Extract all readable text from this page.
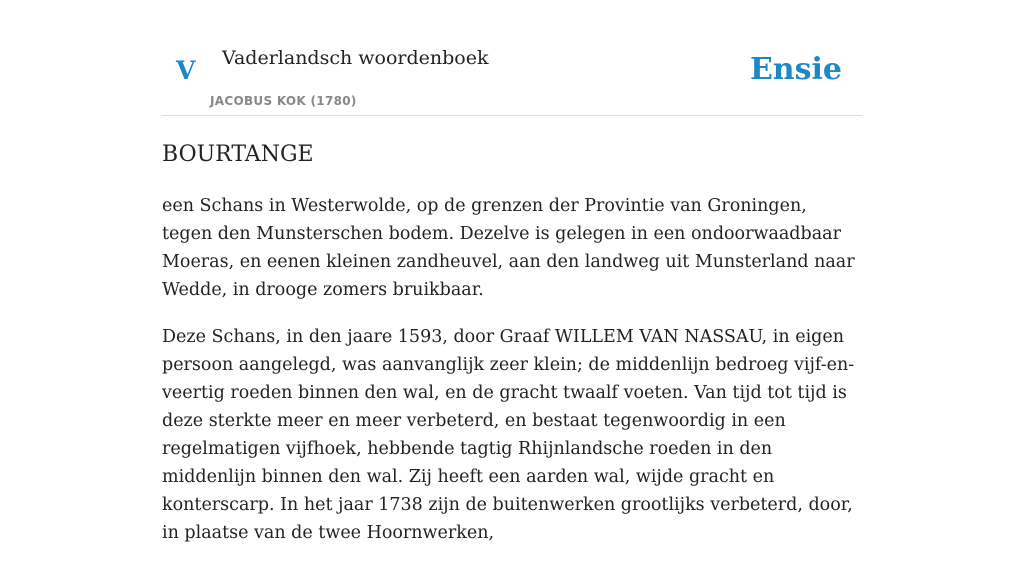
V Vaderlandsch woordenboek
JACOBUS KOK (1780)
Ensie
BOURTANGE

een Schans in Westerwolde, op de grenzen der Provintie van Groningen, tegen den Munsterschen bodem. Dezelve is gelegen in een ondoorwaadbaar Moeras, en eenen kleinen zandheuvel, aan den landweg uit Munsterland naar Wedde, in drooge zomers bruikbaar.

Deze Schans, in den jaare 1593, door Graaf WILLEM VAN NASSAU, in eigen persoon aangelegd, was aanvanglijk zeer klein; de middenlijn bedroeg vijf-en-veertig roeden binnen den wal, en de gracht twaalf voeten. Van tijd tot tijd is deze sterkte meer en meer verbeterd, en bestaat tegenwoordig in een regelmatigen vijfhoek, hebbende tagtig Rhijnlandsche roeden in den middenlijn binnen den wal. Zij heeft een aarden wal, wijde gracht en konterscarp. In het jaar 1738 zijn de buitenwerken grootlijks verbeterd, door, in plaatse van de twee Hoornwerken,
